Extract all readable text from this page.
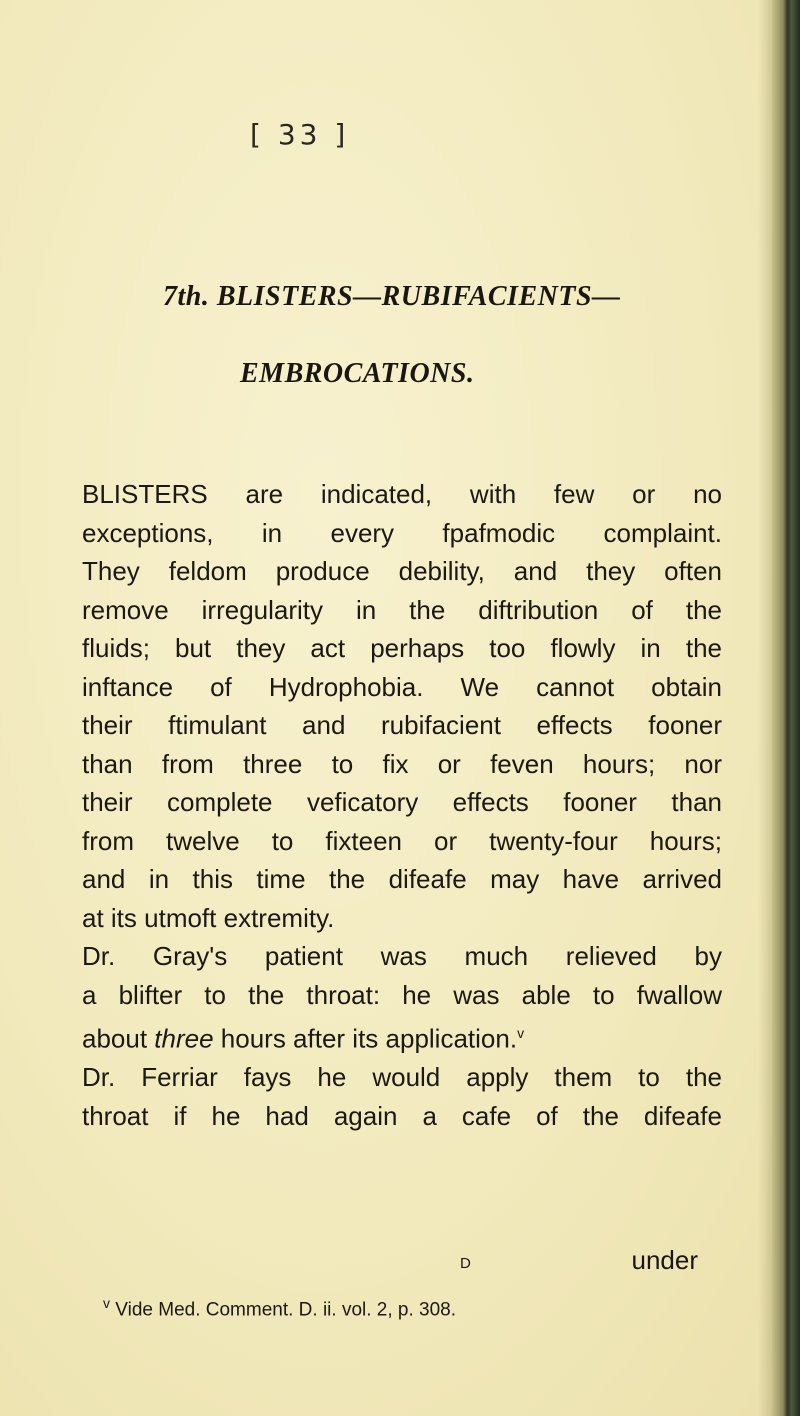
[ 33 ]
7th. BLISTERS—RUBIFACIENTS—
EMBROCATIONS.
BLISTERS are indicated, with few or no
exceptions, in every fpafmodic complaint.
They feldom produce debility, and they often
remove irregularity in the diftribution of the
fluids; but they act perhaps too flowly in the
inftance of Hydrophobia. We cannot obtain
their ftimulant and rubifacient effects fooner
than from three to fix or feven hours; nor
their complete veficatory effects fooner than
from twelve to fixteen or twenty-four hours;
and in this time the difeafe may have arrived
at its utmoft extremity.
Dr. Gray's patient was much relieved by
a blifter to the throat: he was able to fwallow
about three hours after its application.$^v$
Dr. Ferriar fays he would apply them to the
throat if he had again a cafe of the difeafe
D	under
$^v$ Vide Med. Comment. D. ii. vol. 2, p. 308.
